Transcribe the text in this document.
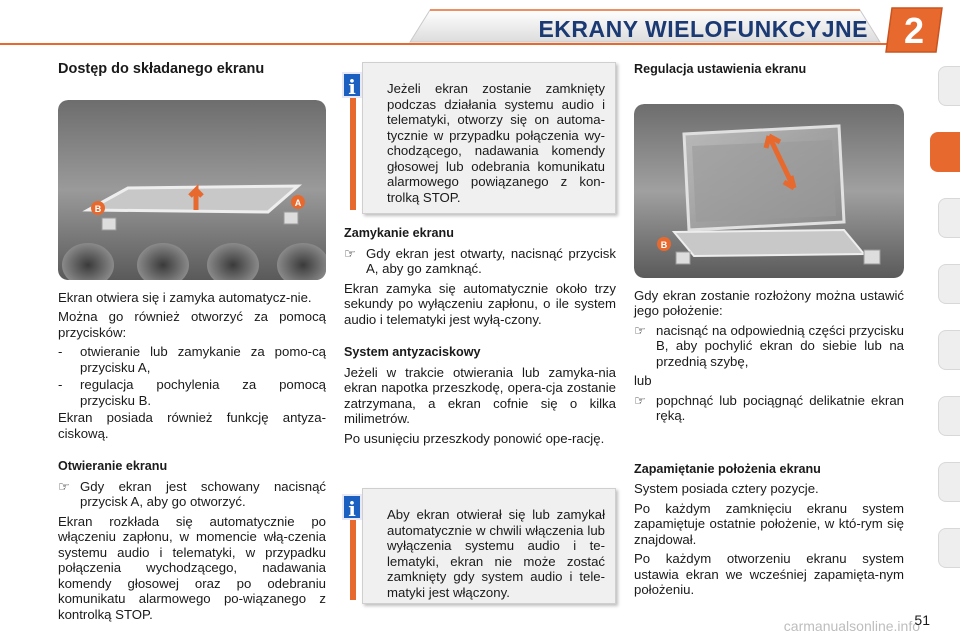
EKRANY WIELOFUNKCYJNE 2
Dostęp do składanego ekranu
B
A

Ekran otwiera się i zamyka automatycz-nie.

Można go również otworzyć za pomocą przycisków:

- otwieranie lub zamykanie za pomo-cą przycisku A,
- regulacja pochylenia za pomocą przycisku B.

Ekran posiada również funkcję antyza-ciskową.

Otwieranie ekranu
☞ Gdy ekran jest schowany nacisnąć przycisk A, aby go otworzyć.

Ekran rozkłada się automatycznie po włączeniu zapłonu, w momencie włą-czenia systemu audio i telematyki, w przypadku połączenia wychodzącego, nadawania komendy głosowej oraz po odebraniu komunikatu alarmowego po-wiązanego z kontrolką STOP.

Jeżeli ekran zostanie zamknięty podczas działania systemu audio i telematyki, otworzy się on automa-tycznie w przypadku połączenia wy-chodzącego, nadawania komendy głosowej lub odebrania komunikatu alarmowego powiązanego z kon-trolką STOP.

i
Zamykanie ekranu
☞ Gdy ekran jest otwarty, nacisnąć przycisk A, aby go zamknąć.

Ekran zamyka się automatycznie około trzy sekundy po wyłączeniu zapłonu, o ile system audio i telematyki jest wyłą-czony.

System antyzaciskowy

Jeżeli w trakcie otwierania lub zamyka-nia ekran napotka przeszkodę, opera-cja zostanie zatrzymana, a ekran cofnie się o kilka milimetrów.

Po usunięciu przeszkody ponowić ope-rację.

Aby ekran otwierał się lub zamykał automatycznie w chwili włączenia lub wyłączenia systemu audio i te-lematyki, ekran nie może zostać zamknięty gdy system audio i tele-matyki jest włączony.

i
Regulacja ustawienia ekranu
B

Gdy ekran zostanie rozłożony można ustawić jego położenie:

☞ nacisnąć na odpowiednią części przycisku B, aby pochylić ekran do siebie lub na przednią szybę,

lub

☞ popchnąć lub pociągnąć delikatnie ekran ręką.
Zapamiętanie położenia ekranu

System posiada cztery pozycje.

Po każdym zamknięciu ekranu system zapamiętuje ostatnie położenie, w któ-rym się znajdował.

Po każdym otworzeniu ekranu system ustawia ekran we wcześniej zapamięta-nym położeniu.

carmanualsonline.info
51
